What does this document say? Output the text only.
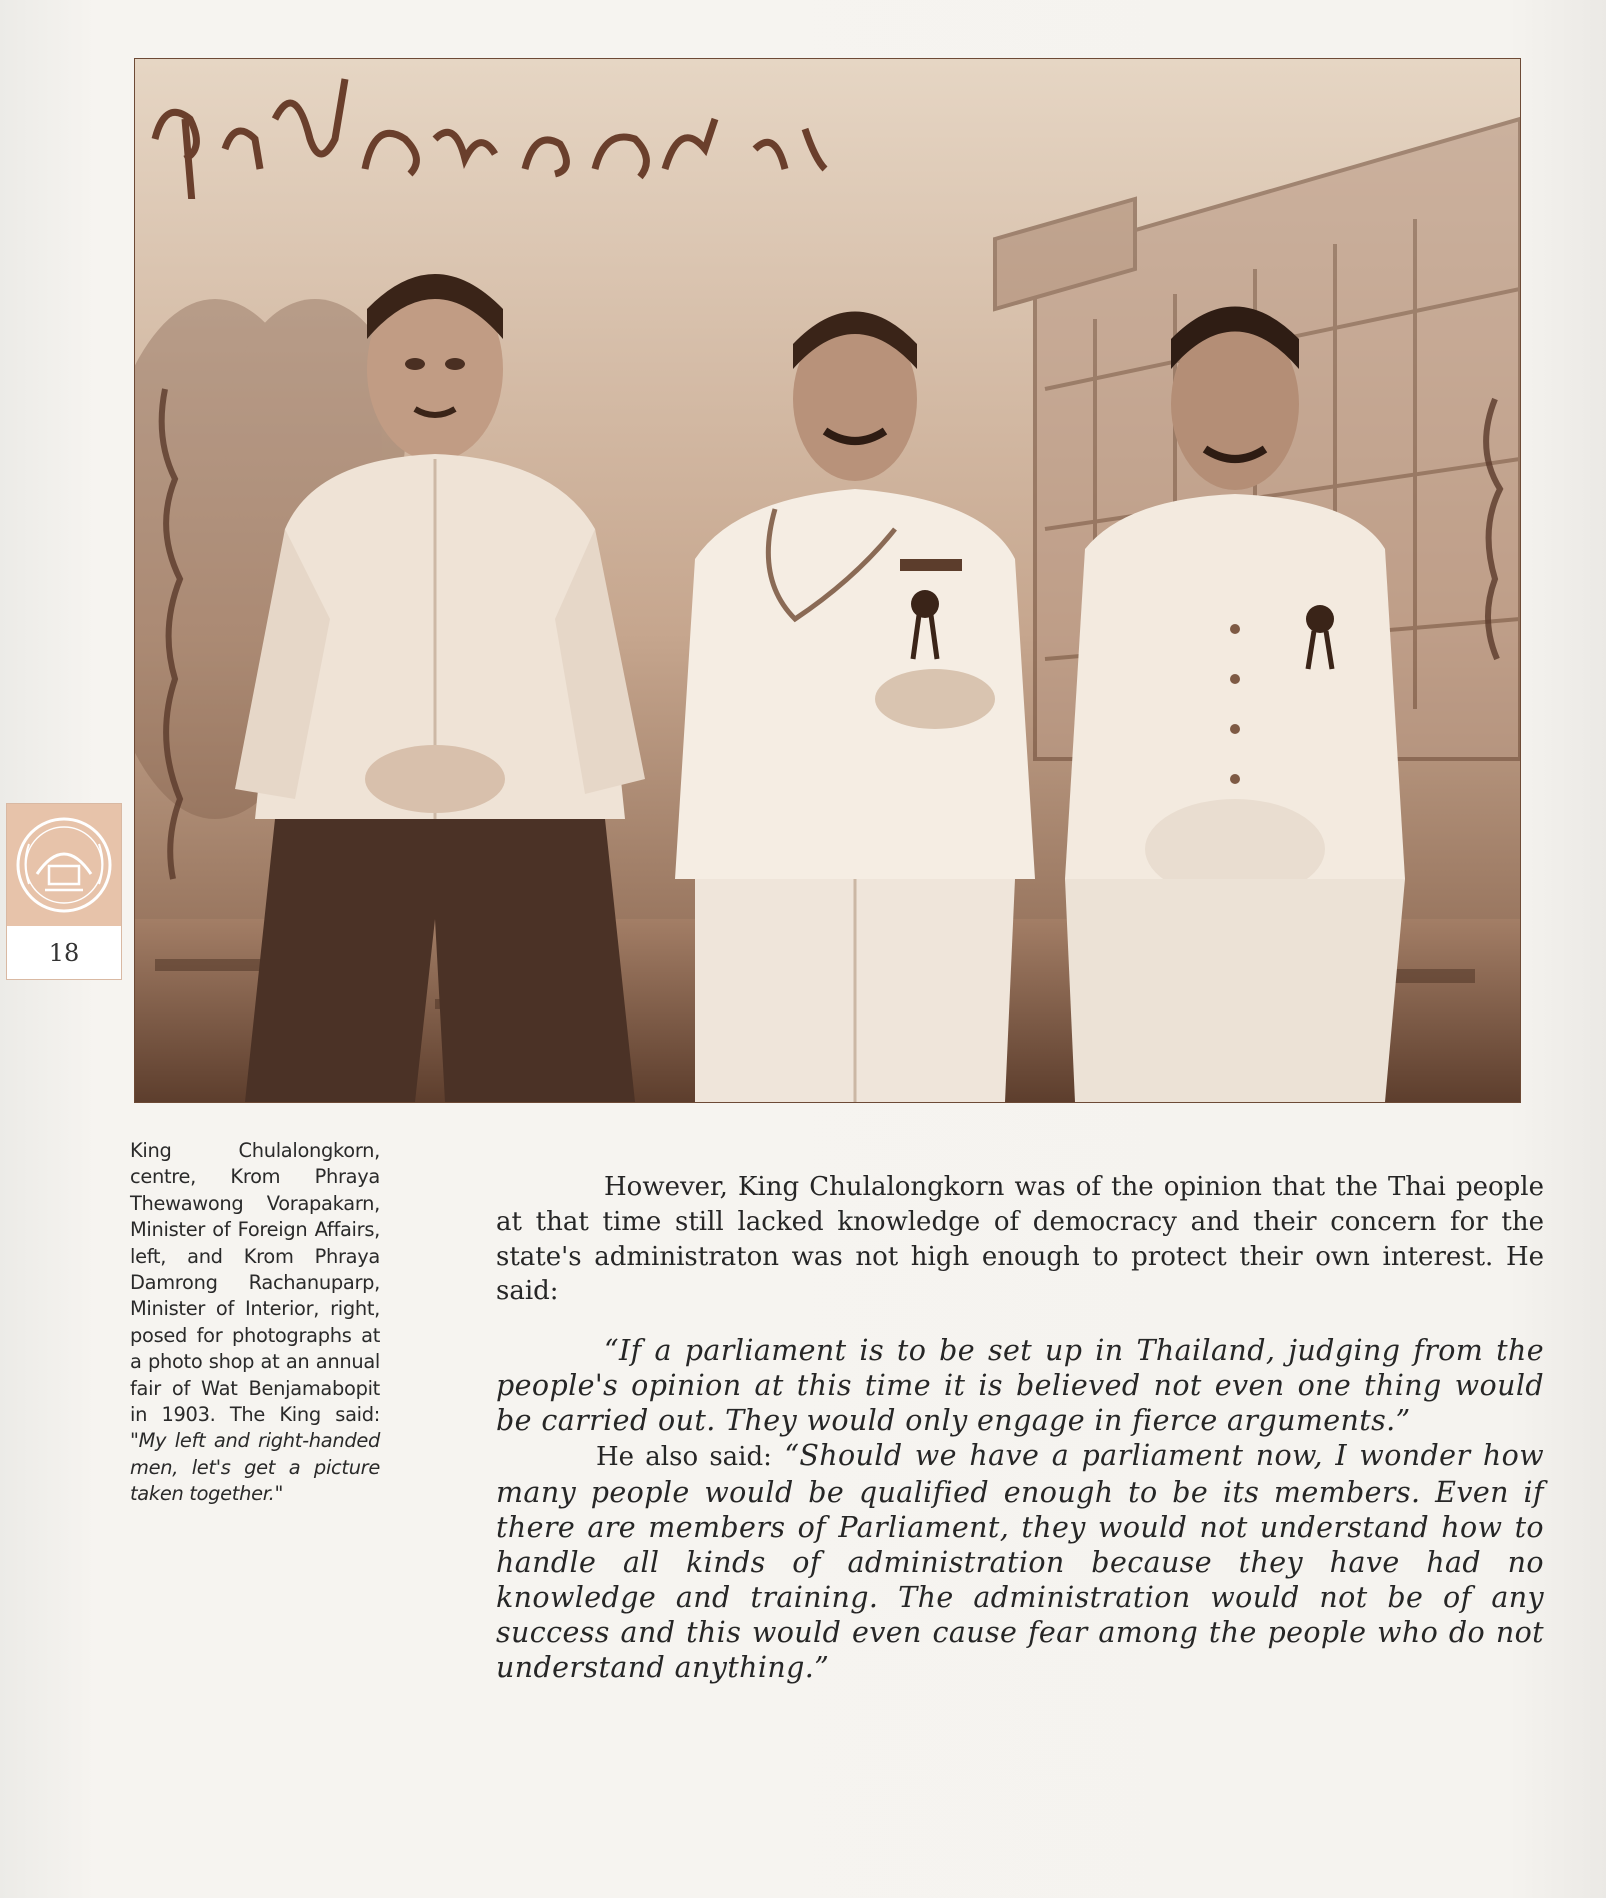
18
King Chulalongkorn, centre, Krom Phraya Thewawong Vorapakarn, Minister of Foreign Affairs, left, and Krom Phraya Damrong Rachanuparp, Minister of Interior, right, posed for photographs at a photo shop at an annual fair of Wat Benjamabopit in 1903. The King said: "My left and right-handed men, let's get a picture taken together."

However, King Chulalongkorn was of the opinion that the Thai people at that time still lacked knowledge of democracy and their concern for the state's administraton was not high enough to protect their own interest. He said:

“If a parliament is to be set up in Thailand, judging from the people's opinion at this time it is believed not even one thing would be carried out. They would only engage in fierce arguments.”

He also said: “Should we have a parliament now, I wonder how many people would be qualified enough to be its members. Even if there are members of Parliament, they would not understand how to handle all kinds of administration because they have had no knowledge and training. The administration would not be of any success and this would even cause fear among the people who do not understand anything.”
